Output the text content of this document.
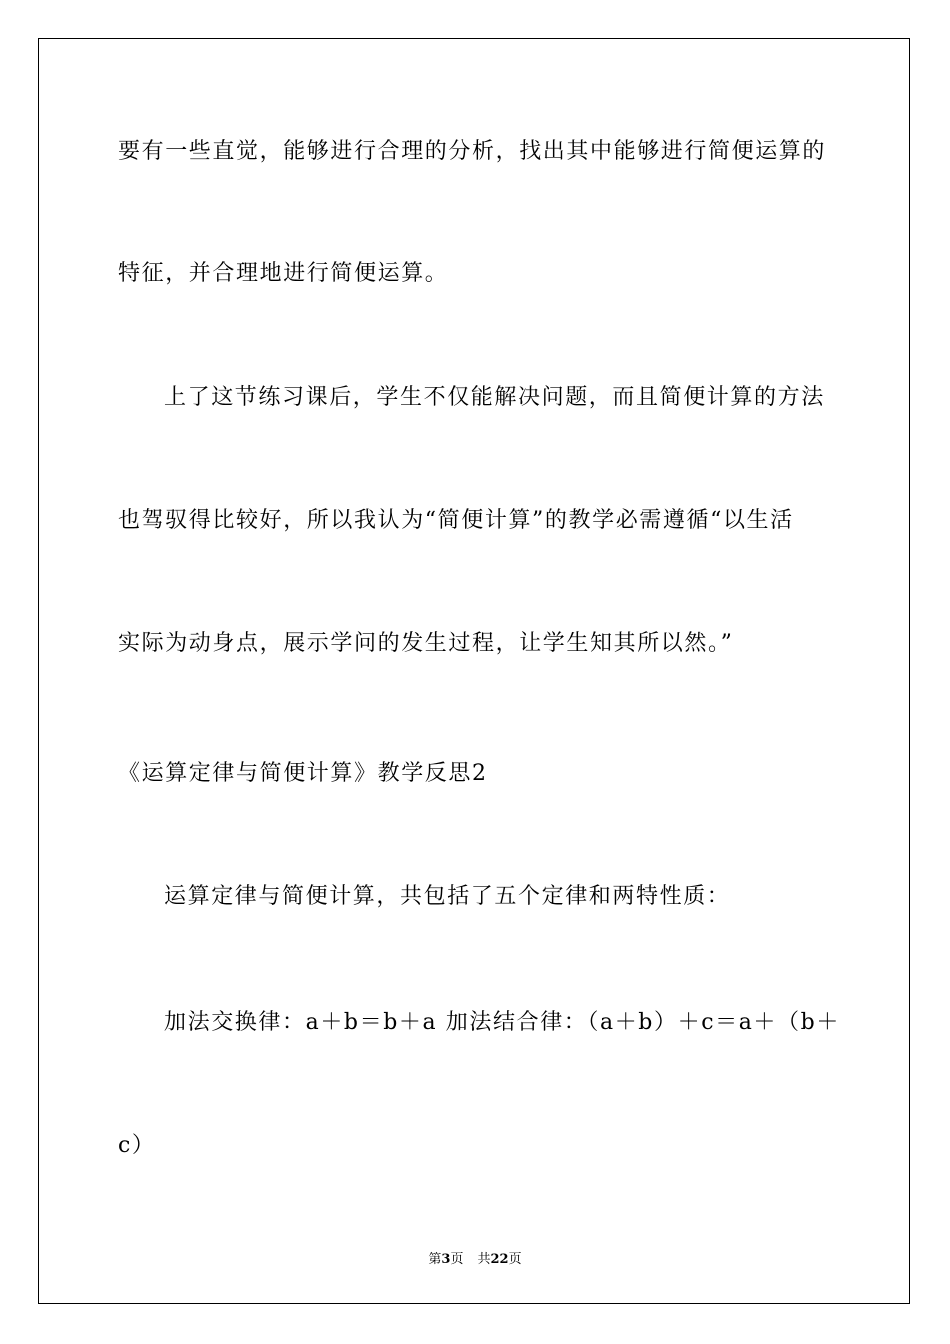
要有一些直觉，能够进行合理的分析，找出其中能够进行简便运算的
特征，并合理地进行简便运算。
上了这节练习课后，学生不仅能解决问题，而且简便计算的方法
也驾驭得比较好，所以我认为“简便计算”的教学必需遵循“以生活
实际为动身点，展示学问的发生过程，让学生知其所以然。”
《运算定律与简便计算》教学反思2
运算定律与简便计算，共包括了五个定律和两特性质：
加法交换律：a＋b＝b＋a 加法结合律：（a＋b）＋c＝a＋（b＋
c）
第3页 共22页
